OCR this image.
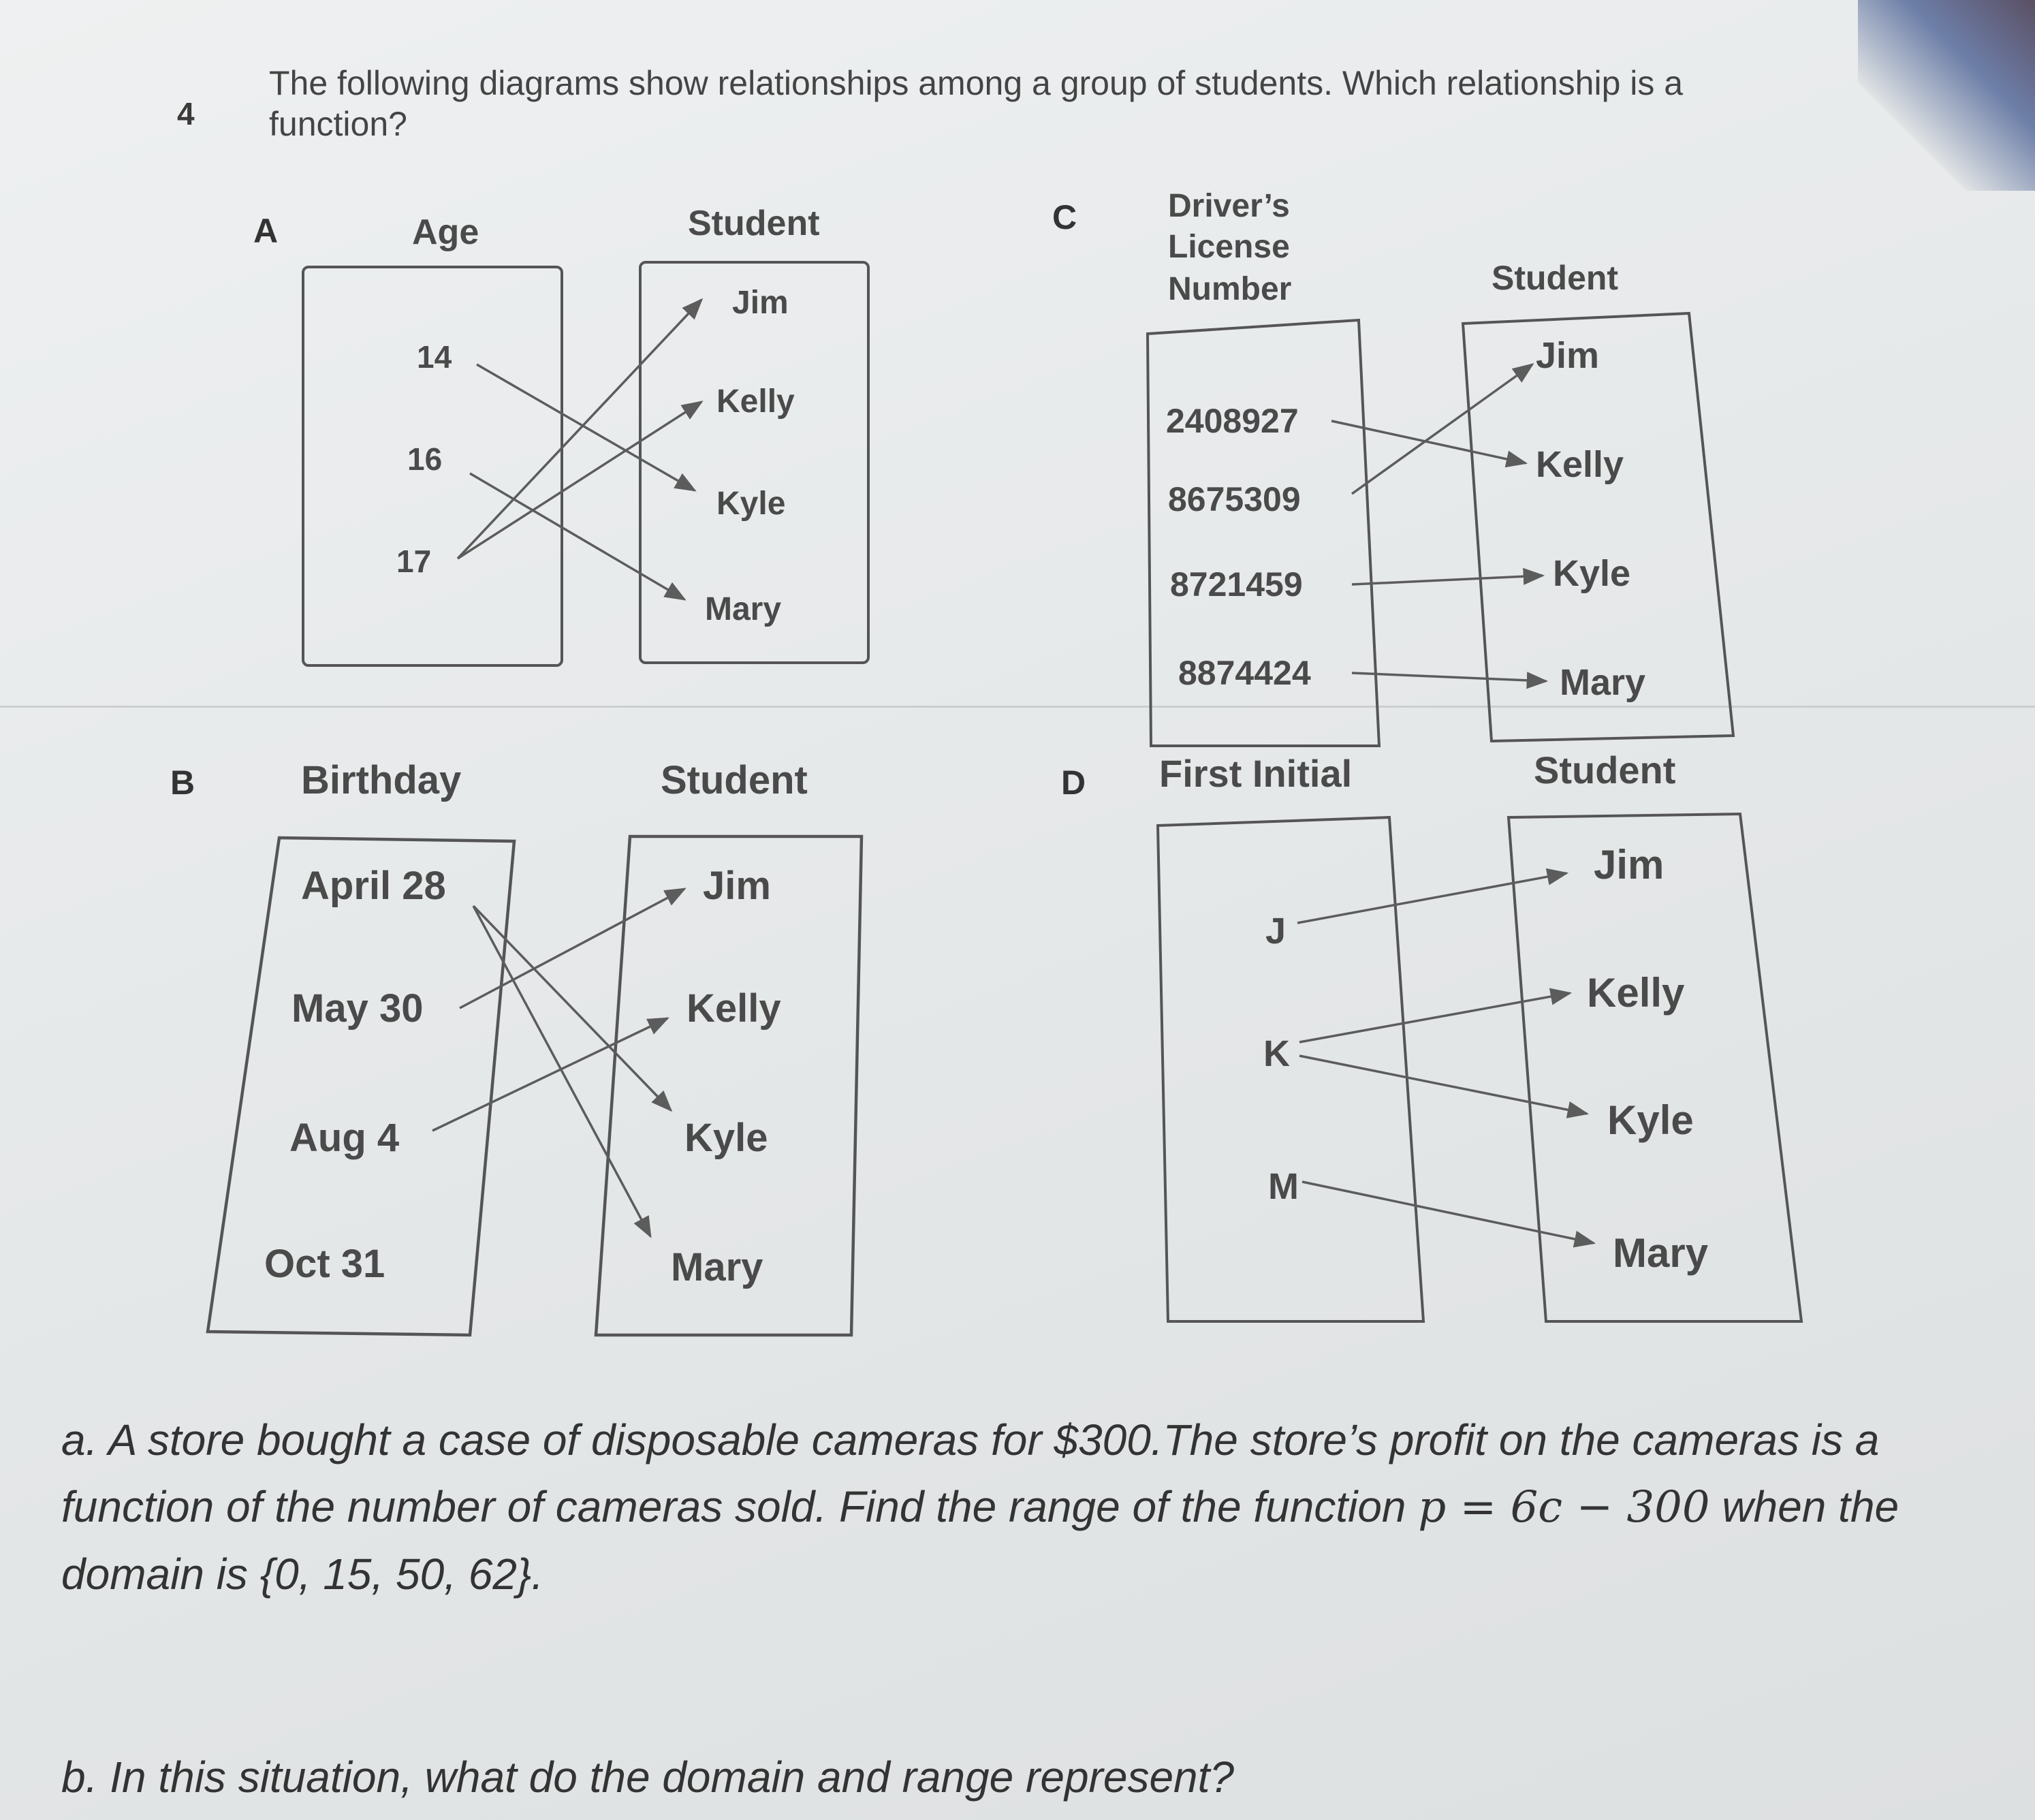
4
The following diagrams show relationships among a group of students. Which relationship is a function?
A
B
C
D
Age	Student
14
16
17
Jim
Kelly
Kyle
Mary
Birthday	Student
April 28
May 30
Aug 4
Oct 31
Jim
Kelly
Kyle
Mary
Driver’s License Number	Student
2408927
8675309
8721459
8874424
Jim
Kelly
Kyle
Mary
First Initial	Student
J
K
M
Jim
Kelly
Kyle
Mary
a. A store bought a case of disposable cameras for $300.The store’s profit on the cameras is a function of the number of cameras sold. Find the range of the function p = 6c − 300 when the domain is {0, 15, 50, 62}.
b. In this situation, what do the domain and range represent?
